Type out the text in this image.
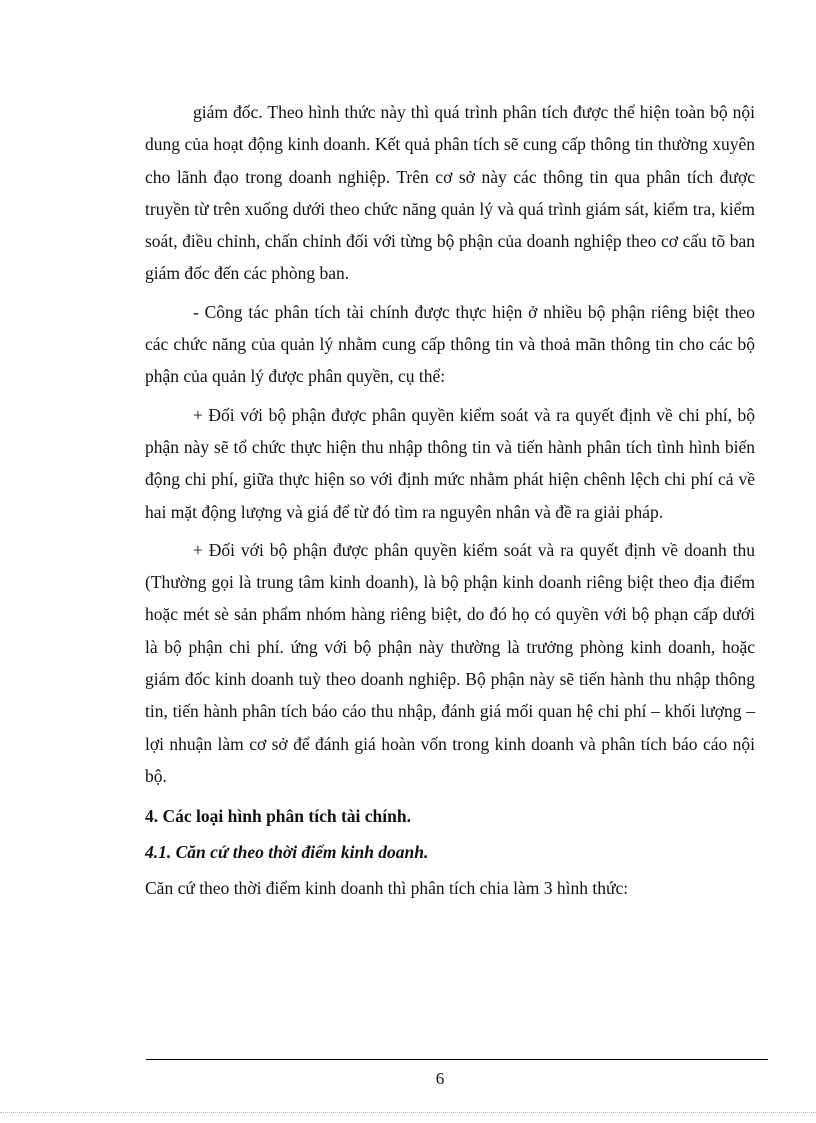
giám đốc. Theo hình thức này thì quá trình phân tích được thể hiện toàn bộ nội dung của hoạt động kinh doanh. Kết quả phân tích sẽ cung cấp thông tin thường xuyên cho lãnh đạo trong doanh nghiệp. Trên cơ sở này các thông tin qua phân tích được truyền từ trên xuống dưới theo chức năng quản lý và quá trình giám sát, kiểm tra, kiểm soát, điều chỉnh, chấn chỉnh đối với từng bộ phận của doanh nghiệp theo cơ cấu tõ ban giám đốc đến các phòng ban.

- Công tác phân tích tài chính được thực hiện ở nhiều bộ phận riêng biệt theo các chức năng của quản lý nhằm cung cấp thông tin và thoả mãn thông tin cho các bộ phận của quản lý được phân quyền, cụ thể:

+ Đối với bộ phận được phân quyền kiểm soát và ra quyết định về chi phí, bộ phận này sẽ tổ chức thực hiện thu nhập thông tin và tiến hành phân tích tình hình biến động chi phí, giữa thực hiện so với định mức nhằm phát hiện chênh lệch chi phí cả về hai mặt động lượng và giá để từ đó tìm ra nguyên nhân và đề ra giải pháp.

+ Đối với bộ phận được phân quyền kiểm soát và ra quyết định về doanh thu (Thường gọi là trung tâm kinh doanh), là bộ phận kinh doanh riêng biệt theo địa điểm hoặc mét sè sản phẩm nhóm hàng riêng biệt, do đó họ có quyền với bộ phạn cấp dưới là bộ phận chi phí. ứng với bộ phận này thường là trưởng phòng kinh doanh, hoặc giám đốc kinh doanh tuỳ theo doanh nghiệp. Bộ phận này sẽ tiến hành thu nhập thông tin, tiến hành phân tích báo cáo thu nhập, đánh giá mối quan hệ chi phí – khối lượng – lợi nhuận làm cơ sở để đánh giá hoàn vốn trong kinh doanh và phân tích báo cáo nội bộ.

4. Các loại hình phân tích tài chính.
4.1. Căn cứ theo thời điểm kinh doanh.

Căn cứ theo thời điểm kinh doanh thì phân tích chia làm 3 hình thức:

6
